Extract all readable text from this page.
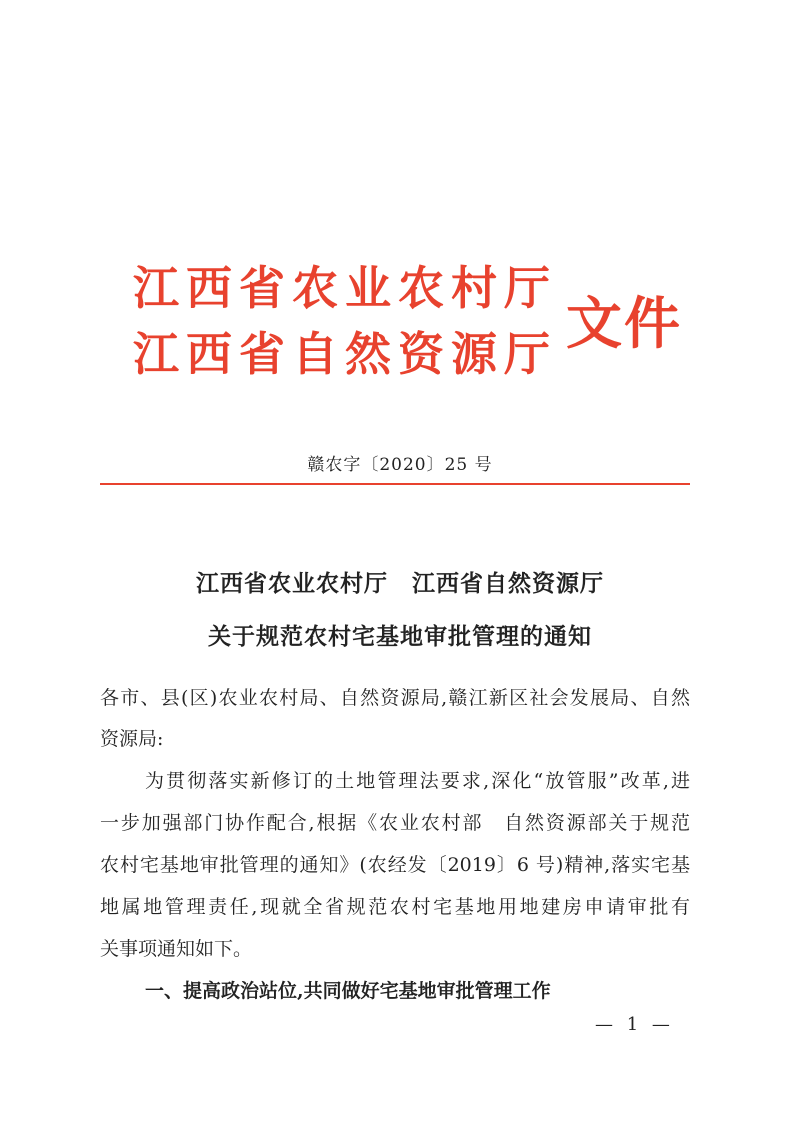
江西省农业农村厅
江西省自然资源厅 文件
赣农字〔2020〕25 号
江西省农业农村厅　江西省自然资源厅
关于规范农村宅基地审批管理的通知
各市、县(区)农业农村局、自然资源局,赣江新区社会发展局、自然
资源局:
为贯彻落实新修订的土地管理法要求,深化“放管服”改革,进
一步加强部门协作配合,根据《农业农村部　自然资源部关于规范
农村宅基地审批管理的通知》(农经发〔2019〕6 号)精神,落实宅基
地属地管理责任,现就全省规范农村宅基地用地建房申请审批有
关事项通知如下。
一、提高政治站位,共同做好宅基地审批管理工作
— 1 —
